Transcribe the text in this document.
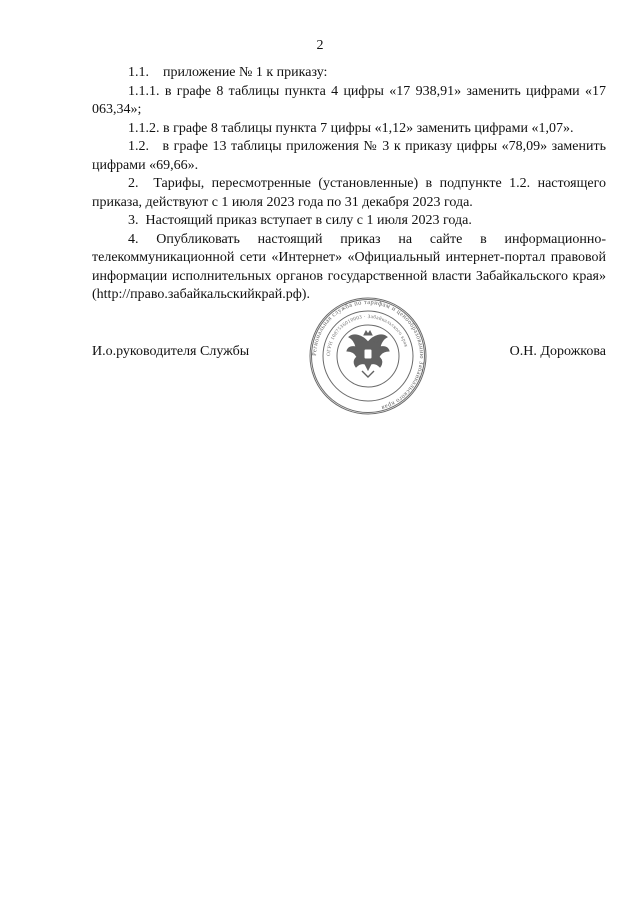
2

1.1.    приложение № 1 к приказу:

1.1.1. в графе 8 таблицы пункта 4 цифры «17 938,91» заменить цифрами «17 063,34»;

1.1.2. в графе 8 таблицы пункта 7 цифры «1,12» заменить цифрами «1,07».

1.2.   в графе 13 таблицы приложения № 3 к приказу цифры «78,09» заменить цифрами «69,66».

2.  Тарифы, пересмотренные (установленные) в подпункте 1.2. настоящего приказа, действуют с 1 июля 2023 года по 31 декабря 2023 года.

3.  Настоящий приказ вступает в силу с 1 июля 2023 года.

4. Опубликовать настоящий приказ на сайте в информационно-телекоммуникационной сети «Интернет» «Официальный интернет-портал правовой информации исполнительных органов государственной власти Забайкальского края» (http://право.забайкальскийкрай.рф).

И.о.руководителя Службы	О.Н. Дорожкова
Региональная служба по тарифам и ценообразованию Забайкальского края
ОГРН 1087536010003 · Забайкальского края
